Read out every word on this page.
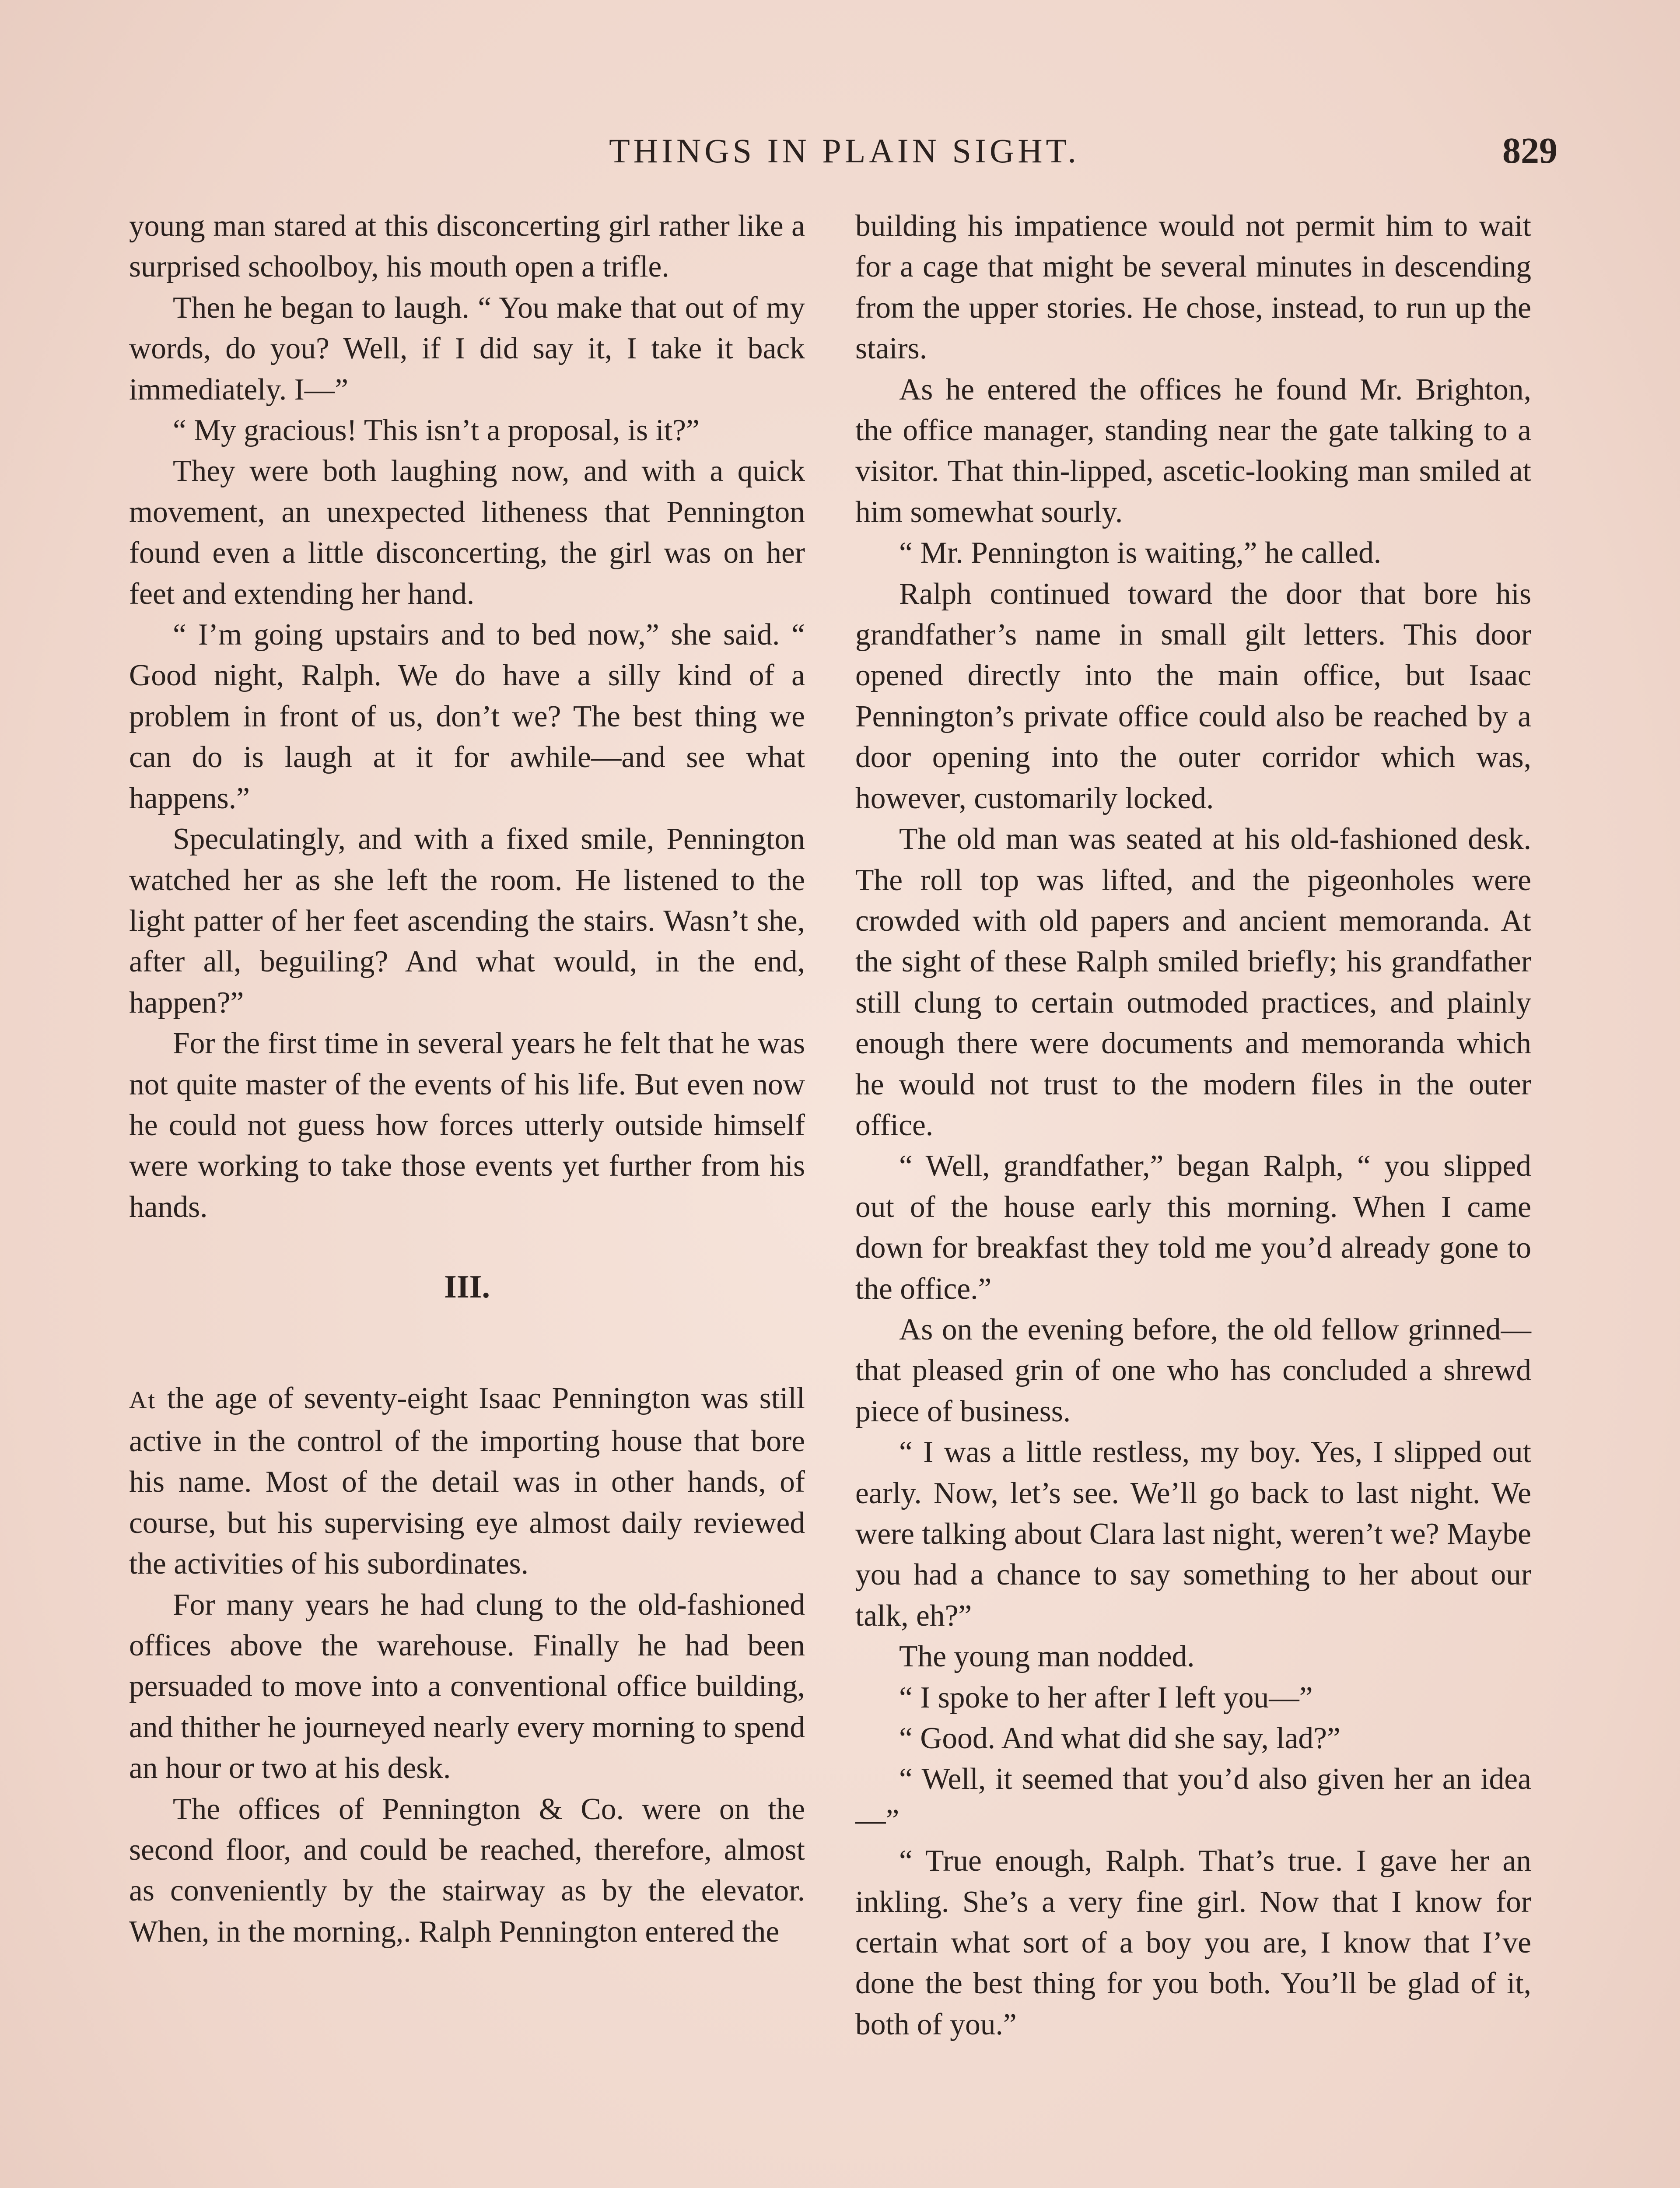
THINGS IN PLAIN SIGHT.	829

young man stared at this disconcerting girl rather like a surprised schoolboy, his mouth open a trifle.

Then he began to laugh. “ You make that out of my words, do you? Well, if I did say it, I take it back immediately. I—”

“ My gracious! This isn’t a proposal, is it?”

They were both laughing now, and with a quick movement, an unexpected litheness that Pennington found even a little disconcerting, the girl was on her feet and extending her hand.

“ I’m going upstairs and to bed now,” she said. “ Good night, Ralph. We do have a silly kind of a problem in front of us, don’t we? The best thing we can do is laugh at it for awhile—and see what happens.”

Speculatingly, and with a fixed smile, Pennington watched her as she left the room. He listened to the light patter of her feet ascending the stairs. Wasn’t she, after all, beguiling? And what would, in the end, happen?”

For the first time in several years he felt that he was not quite master of the events of his life. But even now he could not guess how forces utterly outside himself were working to take those events yet further from his hands.

III.

At the age of seventy-eight Isaac Pennington was still active in the control of the importing house that bore his name. Most of the detail was in other hands, of course, but his supervising eye almost daily reviewed the activities of his subordinates.

For many years he had clung to the old-fashioned offices above the warehouse. Finally he had been persuaded to move into a conventional office building, and thither he journeyed nearly every morning to spend an hour or two at his desk.

The offices of Pennington & Co. were on the second floor, and could be reached, therefore, almost as conveniently by the stairway as by the elevator. When, in the morning,. Ralph Pennington entered the

building his impatience would not permit him to wait for a cage that might be several minutes in descending from the upper stories. He chose, instead, to run up the stairs.

As he entered the offices he found Mr. Brighton, the office manager, standing near the gate talking to a visitor. That thin-lipped, ascetic-looking man smiled at him somewhat sourly.

“ Mr. Pennington is waiting,” he called.

Ralph continued toward the door that bore his grandfather’s name in small gilt letters. This door opened directly into the main office, but Isaac Pennington’s private office could also be reached by a door opening into the outer corridor which was, however, customarily locked.

The old man was seated at his old-fashioned desk. The roll top was lifted, and the pigeonholes were crowded with old papers and ancient memoranda. At the sight of these Ralph smiled briefly; his grandfather still clung to certain outmoded practices, and plainly enough there were documents and memoranda which he would not trust to the modern files in the outer office.

“ Well, grandfather,” began Ralph, “ you slipped out of the house early this morning. When I came down for breakfast they told me you’d already gone to the office.”

As on the evening before, the old fellow grinned—that pleased grin of one who has concluded a shrewd piece of business.

“ I was a little restless, my boy. Yes, I slipped out early. Now, let’s see. We’ll go back to last night. We were talking about Clara last night, weren’t we? Maybe you had a chance to say something to her about our talk, eh?”

The young man nodded.

“ I spoke to her after I left you—”

“ Good. And what did she say, lad?”

“ Well, it seemed that you’d also given her an idea—”

“ True enough, Ralph. That’s true. I gave her an inkling. She’s a very fine girl. Now that I know for certain what sort of a boy you are, I know that I’ve done the best thing for you both. You’ll be glad of it, both of you.”
